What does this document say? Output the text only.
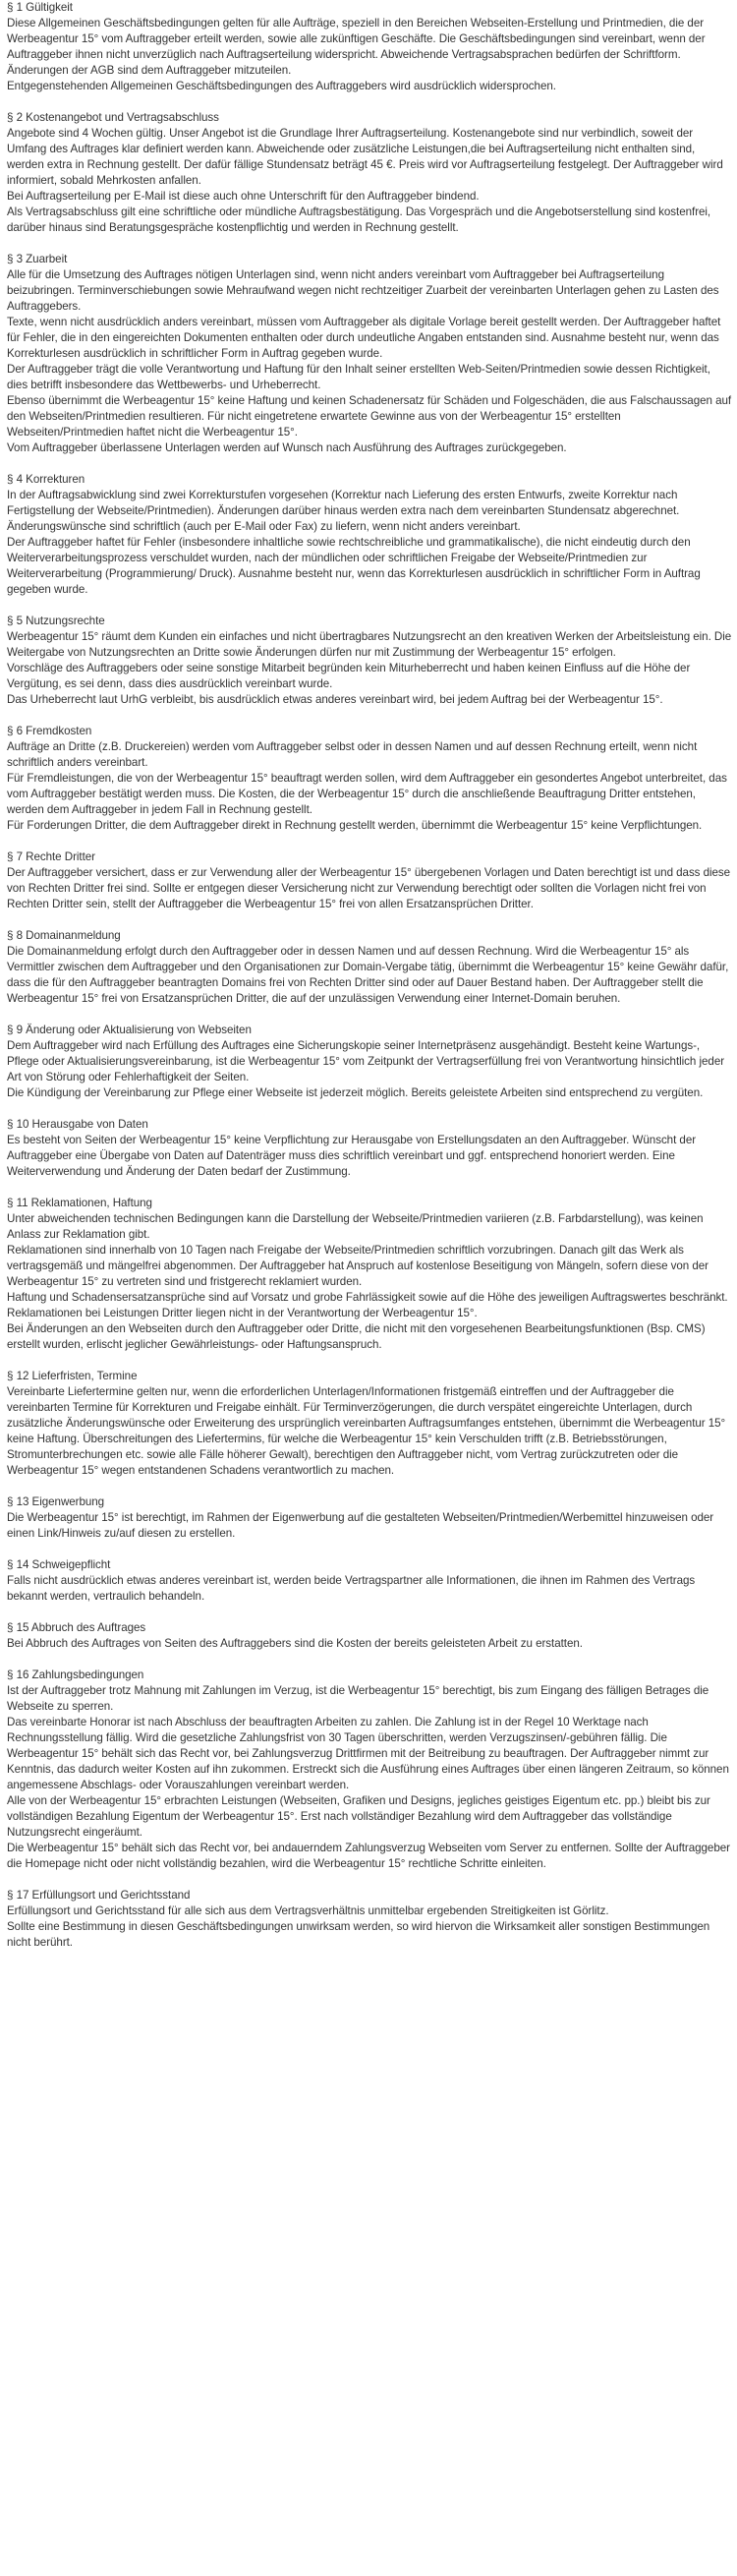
§ 1 Gültigkeit
Diese Allgemeinen Geschäftsbedingungen gelten für alle Aufträge, speziell in den Bereichen Webseiten-Erstellung und Printmedien, die der Werbeagentur 15° vom Auftraggeber erteilt werden, sowie alle zukünftigen Geschäfte. Die Geschäftsbedingungen sind vereinbart, wenn der Auftraggeber ihnen nicht unverzüglich nach Auftragserteilung widerspricht. Abweichende Vertragsabsprachen bedürfen der Schriftform.
Änderungen der AGB sind dem Auftraggeber mitzuteilen.
Entgegenstehenden Allgemeinen Geschäftsbedingungen des Auftraggebers wird ausdrücklich widersprochen.
§ 2 Kostenangebot und Vertragsabschluss
Angebote sind 4 Wochen gültig. Unser Angebot ist die Grundlage Ihrer Auftragserteilung. Kostenangebote sind nur verbindlich, soweit der Umfang des Auftrages klar definiert werden kann. Abweichende oder zusätzliche Leistungen,die bei Auftragserteilung nicht enthalten sind, werden extra in Rechnung gestellt. Der dafür fällige Stundensatz beträgt 45 €. Preis wird vor Auftragserteilung festgelegt. Der Auftraggeber wird informiert, sobald Mehrkosten anfallen.
Bei Auftragserteilung per E-Mail ist diese auch ohne Unterschrift für den Auftraggeber bindend.
Als Vertragsabschluss gilt eine schriftliche oder mündliche Auftragsbestätigung. Das Vorgespräch und die Angebotserstellung sind kostenfrei, darüber hinaus sind Beratungsgespräche kostenpflichtig und werden in Rechnung gestellt.
§ 3 Zuarbeit
Alle für die Umsetzung des Auftrages nötigen Unterlagen sind, wenn nicht anders vereinbart vom Auftraggeber bei Auftragserteilung beizubringen. Terminverschiebungen sowie Mehraufwand wegen nicht rechtzeitiger Zuarbeit der vereinbarten Unterlagen gehen zu Lasten des Auftraggebers.
Texte, wenn nicht ausdrücklich anders vereinbart, müssen vom Auftraggeber als digitale Vorlage bereit gestellt werden. Der Auftraggeber haftet für Fehler, die in den eingereichten Dokumenten enthalten oder durch undeutliche Angaben entstanden sind. Ausnahme besteht nur, wenn das Korrekturlesen ausdrücklich in schriftlicher Form in Auftrag gegeben wurde.
Der Auftraggeber trägt die volle Verantwortung und Haftung für den Inhalt seiner erstellten Web-Seiten/Printmedien sowie dessen Richtigkeit, dies betrifft insbesondere das Wettbewerbs- und Urheberrecht.
Ebenso übernimmt die Werbeagentur 15° keine Haftung und keinen Schadenersatz für Schäden und Folgeschäden, die aus Falschaussagen auf den Webseiten/Printmedien resultieren. Für nicht eingetretene erwartete Gewinne aus von der Werbeagentur 15° erstellten Webseiten/Printmedien haftet nicht die Werbeagentur 15°.
Vom Auftraggeber überlassene Unterlagen werden auf Wunsch nach Ausführung des Auftrages zurückgegeben.
§ 4 Korrekturen
In der Auftragsabwicklung sind zwei Korrekturstufen vorgesehen (Korrektur nach Lieferung des ersten Entwurfs, zweite Korrektur nach Fertigstellung der Webseite/Printmedien). Änderungen darüber hinaus werden extra nach dem vereinbarten Stundensatz abgerechnet.
Änderungswünsche sind schriftlich (auch per E-Mail oder Fax) zu liefern, wenn nicht anders vereinbart.
Der Auftraggeber haftet für Fehler (insbesondere inhaltliche sowie rechtschreibliche und grammatikalische), die nicht eindeutig durch den Weiterverarbeitungsprozess verschuldet wurden, nach der mündlichen oder schriftlichen Freigabe der Webseite/Printmedien zur Weiterverarbeitung (Programmierung/ Druck). Ausnahme besteht nur, wenn das Korrekturlesen ausdrücklich in schriftlicher Form in Auftrag gegeben wurde.
§ 5 Nutzungsrechte
Werbeagentur 15° räumt dem Kunden ein einfaches und nicht übertragbares Nutzungsrecht an den kreativen Werken der Arbeitsleistung ein. Die Weitergabe von Nutzungsrechten an Dritte sowie Änderungen dürfen nur mit Zustimmung der Werbeagentur 15° erfolgen.
Vorschläge des Auftraggebers oder seine sonstige Mitarbeit begründen kein Miturheberrecht und haben keinen Einfluss auf die Höhe der Vergütung, es sei denn, dass dies ausdrücklich vereinbart wurde.
Das Urheberrecht laut UrhG verbleibt, bis ausdrücklich etwas anderes vereinbart wird, bei jedem Auftrag bei der Werbeagentur 15°.
§ 6 Fremdkosten
Aufträge an Dritte (z.B. Druckereien) werden vom Auftraggeber selbst oder in dessen Namen und auf dessen Rechnung erteilt, wenn nicht schriftlich anders vereinbart.
Für Fremdleistungen, die von der Werbeagentur 15° beauftragt werden sollen, wird dem Auftraggeber ein gesondertes Angebot unterbreitet, das vom Auftraggeber bestätigt werden muss. Die Kosten, die der Werbeagentur 15° durch die anschließende Beauftragung Dritter entstehen, werden dem Auftraggeber in jedem Fall in Rechnung gestellt.
Für Forderungen Dritter, die dem Auftraggeber direkt in Rechnung gestellt werden, übernimmt die Werbeagentur 15° keine Verpflichtungen.
§ 7 Rechte Dritter
Der Auftraggeber versichert, dass er zur Verwendung aller der Werbeagentur 15° übergebenen Vorlagen und Daten berechtigt ist und dass diese von Rechten Dritter frei sind. Sollte er entgegen dieser Versicherung nicht zur Verwendung berechtigt oder sollten die Vorlagen nicht frei von Rechten Dritter sein, stellt der Auftraggeber die Werbeagentur 15° frei von allen Ersatzansprüchen Dritter.
§ 8 Domainanmeldung
Die Domainanmeldung erfolgt durch den Auftraggeber oder in dessen Namen und auf dessen Rechnung. Wird die Werbeagentur 15° als Vermittler zwischen dem Auftraggeber und den Organisationen zur Domain-Vergabe tätig, übernimmt die Werbeagentur 15° keine Gewähr dafür, dass die für den Auftraggeber beantragten Domains frei von Rechten Dritter sind oder auf Dauer Bestand haben. Der Auftraggeber stellt die Werbeagentur 15° frei von Ersatzansprüchen Dritter, die auf der unzulässigen Verwendung einer Internet-Domain beruhen.
§ 9 Änderung oder Aktualisierung von Webseiten
Dem Auftraggeber wird nach Erfüllung des Auftrages eine Sicherungskopie seiner Internetpräsenz ausgehändigt. Besteht keine Wartungs-, Pflege oder Aktualisierungsvereinbarung, ist die Werbeagentur 15° vom Zeitpunkt der Vertragserfüllung frei von Verantwortung hinsichtlich jeder Art von Störung oder Fehlerhaftigkeit der Seiten.
Die Kündigung der Vereinbarung zur Pflege einer Webseite ist jederzeit möglich. Bereits geleistete Arbeiten sind entsprechend zu vergüten.
§ 10 Herausgabe von Daten
Es besteht von Seiten der Werbeagentur 15° keine Verpflichtung zur Herausgabe von Erstellungsdaten an den Auftraggeber. Wünscht der Auftraggeber eine Übergabe von Daten auf Datenträger muss dies schriftlich vereinbart und ggf. entsprechend honoriert werden. Eine Weiterverwendung und Änderung der Daten bedarf der Zustimmung.
§ 11 Reklamationen, Haftung
Unter abweichenden technischen Bedingungen kann die Darstellung der Webseite/Printmedien variieren (z.B. Farbdarstellung), was keinen Anlass zur Reklamation gibt.
Reklamationen sind innerhalb von 10 Tagen nach Freigabe der Webseite/Printmedien schriftlich vorzubringen. Danach gilt das Werk als vertragsgemäß und mängelfrei abgenommen. Der Auftraggeber hat Anspruch auf kostenlose Beseitigung von Mängeln, sofern diese von der Werbeagentur 15° zu vertreten sind und fristgerecht reklamiert wurden.
Haftung und Schadensersatzansprüche sind auf Vorsatz und grobe Fahrlässigkeit sowie auf die Höhe des jeweiligen Auftragswertes beschränkt. Reklamationen bei Leistungen Dritter liegen nicht in der Verantwortung der Werbeagentur 15°.
Bei Änderungen an den Webseiten durch den Auftraggeber oder Dritte, die nicht mit den vorgesehenen Bearbeitungsfunktionen (Bsp. CMS) erstellt wurden, erlischt jeglicher Gewährleistungs- oder Haftungsanspruch.
§ 12 Lieferfristen, Termine
Vereinbarte Liefertermine gelten nur, wenn die erforderlichen Unterlagen/Informationen fristgemäß eintreffen und der Auftraggeber die vereinbarten Termine für Korrekturen und Freigabe einhält. Für Terminverzögerungen, die durch verspätet eingereichte Unterlagen, durch zusätzliche Änderungswünsche oder Erweiterung des ursprünglich vereinbarten Auftragsumfanges entstehen, übernimmt die Werbeagentur 15° keine Haftung. Überschreitungen des Liefertermins, für welche die Werbeagentur 15° kein Verschulden trifft (z.B. Betriebsstörungen, Stromunterbrechungen etc. sowie alle Fälle höherer Gewalt), berechtigen den Auftraggeber nicht, vom Vertrag zurückzutreten oder die Werbeagentur 15° wegen entstandenen Schadens verantwortlich zu machen.
§ 13 Eigenwerbung
Die Werbeagentur 15° ist berechtigt, im Rahmen der Eigenwerbung auf die gestalteten Webseiten/Printmedien/Werbemittel hinzuweisen oder einen Link/Hinweis zu/auf diesen zu erstellen.
§ 14 Schweigepflicht
Falls nicht ausdrücklich etwas anderes vereinbart ist, werden beide Vertragspartner alle Informationen, die ihnen im Rahmen des Vertrags bekannt werden, vertraulich behandeln.
§ 15 Abbruch des Auftrages
Bei Abbruch des Auftrages von Seiten des Auftraggebers sind die Kosten der bereits geleisteten Arbeit zu erstatten.
§ 16 Zahlungsbedingungen
Ist der Auftraggeber trotz Mahnung mit Zahlungen im Verzug, ist die Werbeagentur 15° berechtigt, bis zum Eingang des fälligen Betrages die Webseite zu sperren.
Das vereinbarte Honorar ist nach Abschluss der beauftragten Arbeiten zu zahlen. Die Zahlung ist in der Regel 10 Werktage nach Rechnungsstellung fällig. Wird die gesetzliche Zahlungsfrist von 30 Tagen überschritten, werden Verzugszinsen/-gebühren fällig. Die Werbeagentur 15° behält sich das Recht vor, bei Zahlungsverzug Drittfirmen mit der Beitreibung zu beauftragen. Der Auftraggeber nimmt zur Kenntnis, das dadurch weiter Kosten auf ihn zukommen. Erstreckt sich die Ausführung eines Auftrages über einen längeren Zeitraum, so können angemessene Abschlags- oder Vorauszahlungen vereinbart werden.
Alle von der Werbeagentur 15° erbrachten Leistungen (Webseiten, Grafiken und Designs, jegliches geistiges Eigentum etc. pp.) bleibt bis zur vollständigen Bezahlung Eigentum der Werbeagentur 15°. Erst nach vollständiger Bezahlung wird dem Auftraggeber das vollständige Nutzungsrecht eingeräumt.
Die Werbeagentur 15° behält sich das Recht vor, bei andauerndem Zahlungsverzug Webseiten vom Server zu entfernen. Sollte der Auftraggeber die Homepage nicht oder nicht vollständig bezahlen, wird die Werbeagentur 15° rechtliche Schritte einleiten.
§ 17 Erfüllungsort und Gerichtsstand
Erfüllungsort und Gerichtsstand für alle sich aus dem Vertragsverhältnis unmittelbar ergebenden Streitigkeiten ist Görlitz.
Sollte eine Bestimmung in diesen Geschäftsbedingungen unwirksam werden, so wird hiervon die Wirksamkeit aller sonstigen Bestimmungen nicht berührt.
